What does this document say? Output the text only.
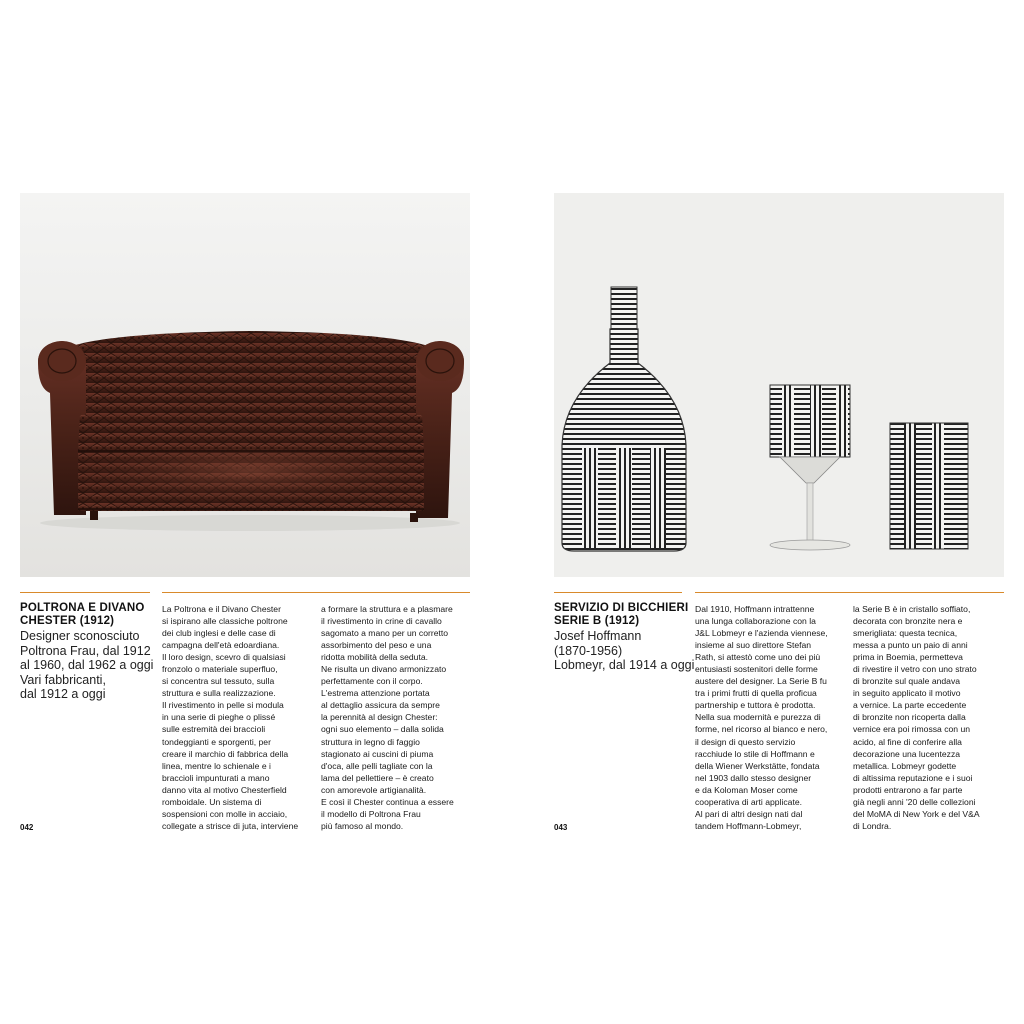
POLTRONA E DIVANO
CHESTER (1912)
Designer sconosciuto
Poltrona Frau, dal 1912
al 1960, dal 1962 a oggi
Vari fabbricanti,
dal 1912 a oggi
La Poltrona e il Divano Chester
si ispirano alle classiche poltrone
dei club inglesi e delle case di
campagna dell'età edoardiana.
Il loro design, scevro di qualsiasi
fronzolo o materiale superfluo,
si concentra sul tessuto, sulla
struttura e sulla realizzazione.
Il rivestimento in pelle si modula
in una serie di pieghe o plissé
sulle estremità dei braccioli
tondeggianti e sporgenti, per
creare il marchio di fabbrica della
linea, mentre lo schienale e i
braccioli impunturati a mano
danno vita al motivo Chesterfield
romboidale. Un sistema di
sospensioni con molle in acciaio,
collegate a strisce di juta, interviene
a formare la struttura e a plasmare
il rivestimento in crine di cavallo
sagomato a mano per un corretto
assorbimento del peso e una
ridotta mobilità della seduta.
Ne risulta un divano armonizzato
perfettamente con il corpo.
L'estrema attenzione portata
al dettaglio assicura da sempre
la perennità al design Chester:
ogni suo elemento – dalla solida
struttura in legno di faggio
stagionato ai cuscini di piuma
d'oca, alle pelli tagliate con la
lama del pellettiere – è creato
con amorevole artigianalità.
E così il Chester continua a essere
il modello di Poltrona Frau
più famoso al mondo.
042
SERVIZIO DI BICCHIERI
SERIE B (1912)
Josef Hoffmann
(1870-1956)
Lobmeyr, dal 1914 a oggi
Dal 1910, Hoffmann intrattenne
una lunga collaborazione con la
J&L Lobmeyr e l'azienda viennese,
insieme al suo direttore Stefan
Rath, si attestò come uno dei più
entusiasti sostenitori delle forme
austere del designer. La Serie B fu
tra i primi frutti di quella proficua
partnership e tuttora è prodotta.
Nella sua modernità e purezza di
forme, nel ricorso al bianco e nero,
il design di questo servizio
racchiude lo stile di Hoffmann e
della Wiener Werkstätte, fondata
nel 1903 dallo stesso designer
e da Koloman Moser come
cooperativa di arti applicate.
Al pari di altri design nati dal
tandem Hoffmann-Lobmeyr,
la Serie B è in cristallo soffiato,
decorata con bronzite nera e
smerigliata: questa tecnica,
messa a punto un paio di anni
prima in Boemia, permetteva
di rivestire il vetro con uno strato
di bronzite sul quale andava
in seguito applicato il motivo
a vernice. La parte eccedente
di bronzite non ricoperta dalla
vernice era poi rimossa con un
acido, al fine di conferire alla
decorazione una lucentezza
metallica. Lobmeyr godette
di altissima reputazione e i suoi
prodotti entrarono a far parte
già negli anni '20 delle collezioni
del MoMA di New York e del V&A
di Londra.
043
